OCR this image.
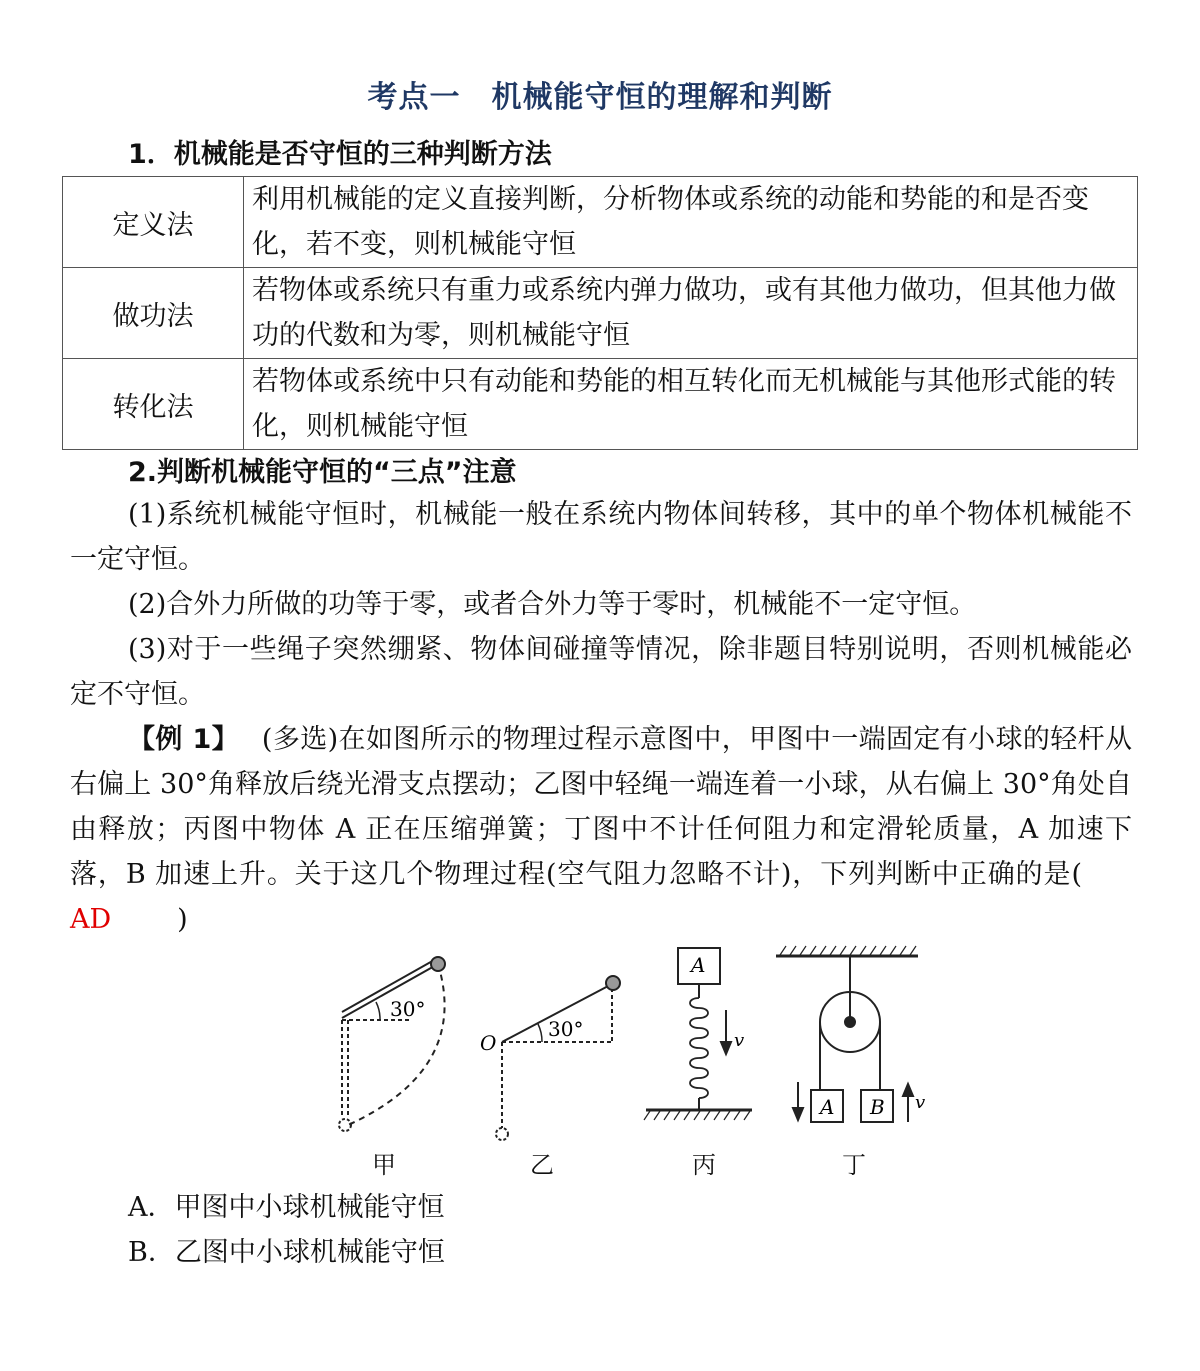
考点一　机械能守恒的理解和判断
1．机械能是否守恒的三种判断方法
定义法	利用机械能的定义直接判断，分析物体或系统的动能和势能的和是否变化，若不变，则机械能守恒
做功法	若物体或系统只有重力或系统内弹力做功，或有其他力做功，但其他力做功的代数和为零，则机械能守恒
转化法	若物体或系统中只有动能和势能的相互转化而无机械能与其他形式能的转化，则机械能守恒
2.判断机械能守恒的“三点”注意
(1)系统机械能守恒时，机械能一般在系统内物体间转移，其中的单个物体机械能不一定守恒。
(2)合外力所做的功等于零，或者合外力等于零时，机械能不一定守恒。
(3)对于一些绳子突然绷紧、物体间碰撞等情况，除非题目特别说明，否则机械能必定不守恒。
【例 1】　 (多选)在如图所示的物理过程示意图中，甲图中一端固定有小球的轻杆从右偏上 30°角释放后绕光滑支点摆动；乙图中轻绳一端连着一小球，从右偏上 30°角处自由释放；丙图中物体 A 正在压缩弹簧；丁图中不计任何阻力和定滑轮质量，A 加速下落，B 加速上升。关于这几个物理过程(空气阻力忽略不计)，下列判断中正确的是(AD )
30°
O
30°
A
v
A B v
甲	乙	丙	丁
A．甲图中小球机械能守恒
B．乙图中小球机械能守恒
